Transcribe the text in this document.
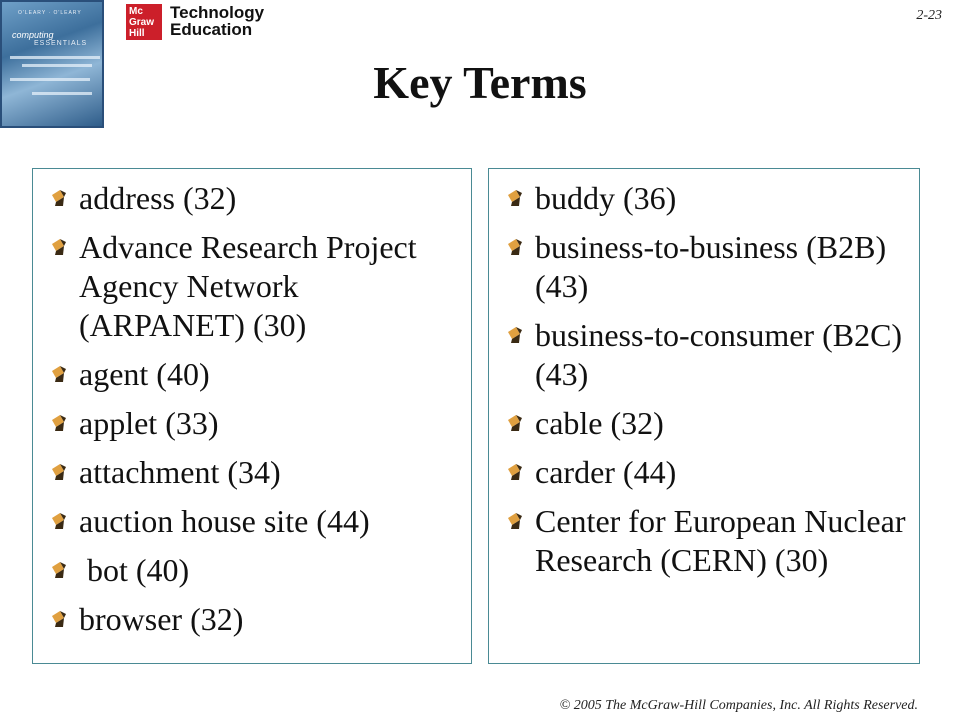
O'LEARY · O'LEARY
computing
ESSENTIALS
Mc
Graw
Hill
Technology
Education
2-23
Key Terms
address (32)
Advance Research Project Agency Network (ARPANET) (30)
agent (40)
applet (33)
attachment (34)
auction house site (44)
bot (40)
browser (32)
buddy (36)
business-to-business (B2B) (43)
business-to-consumer (B2C) (43)
cable (32)
carder (44)
Center for European Nuclear Research (CERN) (30)
© 2005 The McGraw-Hill Companies, Inc. All Rights Reserved.
